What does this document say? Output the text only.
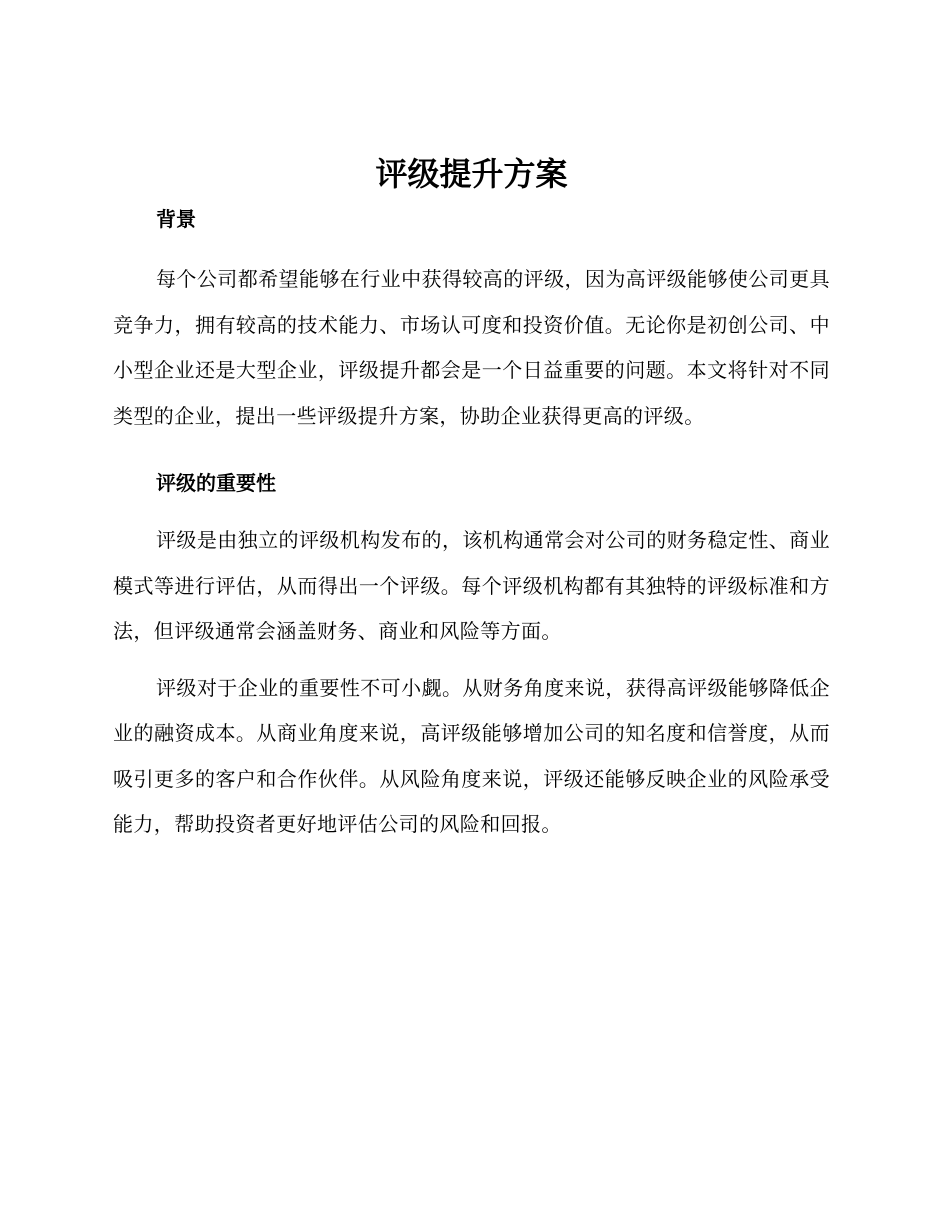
评级提升方案
背景

每个公司都希望能够在行业中获得较高的评级，因为高评级能够使公司更具竞争力，拥有较高的技术能力、市场认可度和投资价值。无论你是初创公司、中小型企业还是大型企业，评级提升都会是一个日益重要的问题。本文将针对不同类型的企业，提出一些评级提升方案，协助企业获得更高的评级。

评级的重要性

评级是由独立的评级机构发布的，该机构通常会对公司的财务稳定性、商业模式等进行评估，从而得出一个评级。每个评级机构都有其独特的评级标准和方法，但评级通常会涵盖财务、商业和风险等方面。

评级对于企业的重要性不可小觑。从财务角度来说，获得高评级能够降低企业的融资成本。从商业角度来说，高评级能够增加公司的知名度和信誉度，从而吸引更多的客户和合作伙伴。从风险角度来说，评级还能够反映企业的风险承受能力，帮助投资者更好地评估公司的风险和回报。
